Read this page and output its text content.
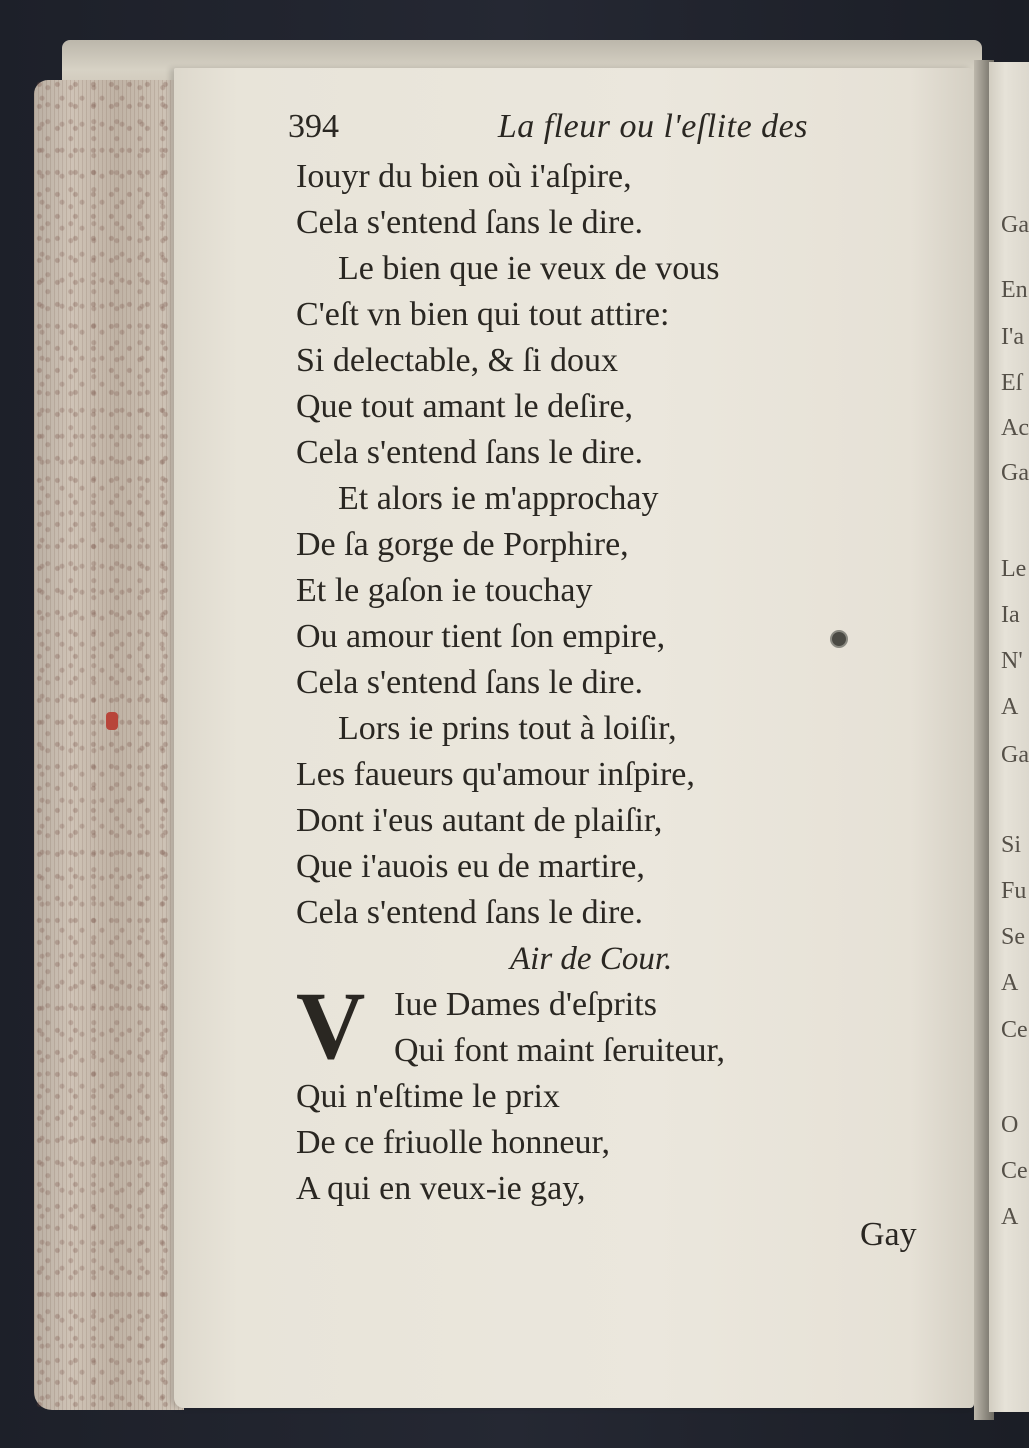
Ga
En
I'a
Eſ
Ac
Ga
Le
Ia
N'
A
Ga
Si
Fu
Se
A
Ce
O
Ce
A
394	La fleur ou l'eſlite des
Iouyr du bien où i'aſpire,
Cela s'entend ſans le dire.
Le bien que ie veux de vous
C'eſt vn bien qui tout attire:
Si delectable, & ſi doux
Que tout amant le deſire,
Cela s'entend ſans le dire.
Et alors ie m'approchay
De ſa gorge de Porphire,
Et le gaſon ie touchay
Ou amour tient ſon empire,
Cela s'entend ſans le dire.
Lors ie prins tout à loiſir,
Les faueurs qu'amour inſpire,
Dont i'eus autant de plaiſir,
Que i'auois eu de martire,
Cela s'entend ſans le dire.
Air de Cour.
V Iue Dames d'eſprits
Qui font maint ſeruiteur,
Qui n'eſtime le prix
De ce friuolle honneur,
A qui en veux-ie gay,
Gay
